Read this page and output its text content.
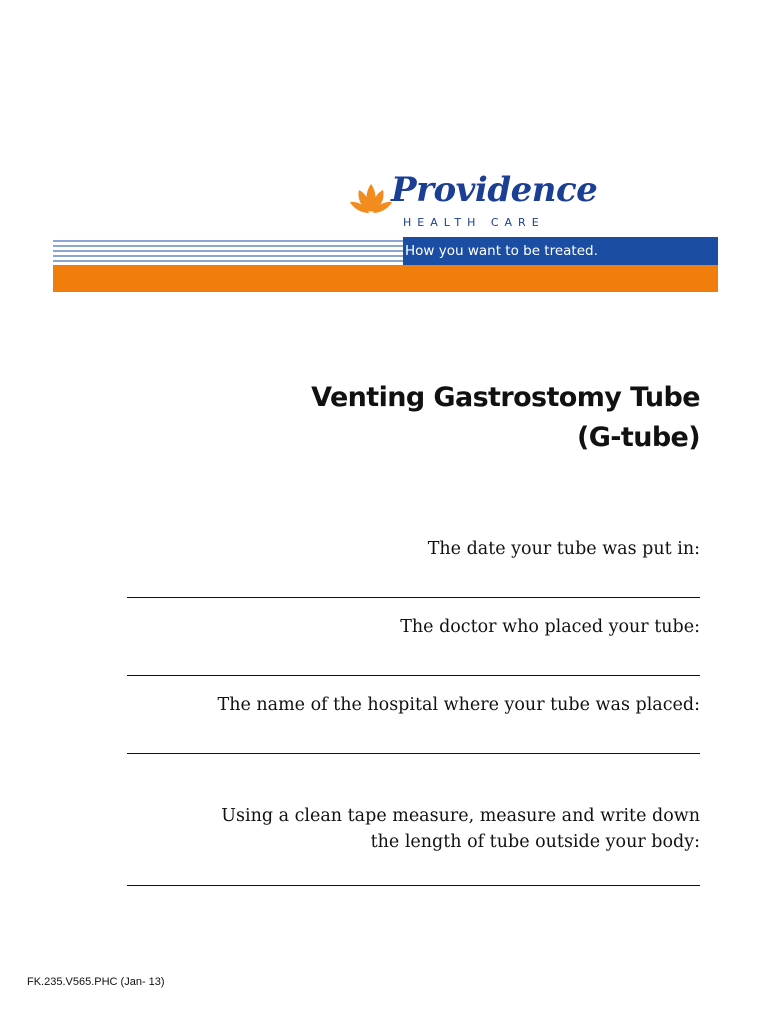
Providence
HEALTH CARE
How you want to be treated.
Venting Gastrostomy Tube
(G-tube)
The date your tube was put in:
The doctor who placed your tube:
The name of the hospital where your tube was placed:
Using a clean tape measure, measure and write down
the length of tube outside your body:
FK.235.V565.PHC (Jan- 13)
